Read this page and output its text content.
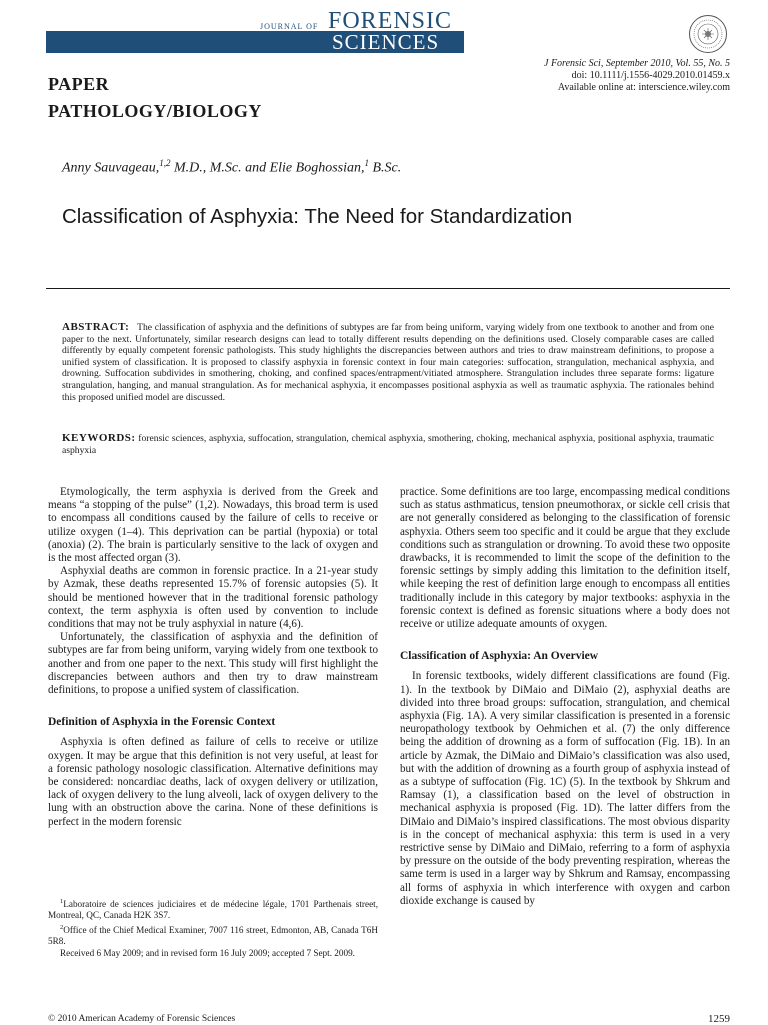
JOURNAL OF FORENSIC
SCIENCES
PAPER
PATHOLOGY/BIOLOGY
J Forensic Sci, September 2010, Vol. 55, No. 5
doi: 10.1111/j.1556-4029.2010.01459.x
Available online at: interscience.wiley.com
Anny Sauvageau,$^{1,2}$ M.D., M.Sc. and Elie Boghossian,$^1$ B.Sc.
Classification of Asphyxia: The Need for Standardization
ABSTRACT: The classification of asphyxia and the definitions of subtypes are far from being uniform, varying widely from one textbook to another and from one paper to the next. Unfortunately, similar research designs can lead to totally different results depending on the definitions used. Closely comparable cases are called differently by equally competent forensic pathologists. This study highlights the discrepancies between authors and tries to draw mainstream definitions, to propose a unified system of classification. It is proposed to classify asphyxia in forensic context in four main categories: suffocation, strangulation, mechanical asphyxia, and drowning. Suffocation subdivides in smothering, choking, and confined spaces/entrapment/vitiated atmosphere. Strangulation includes three separate forms: ligature strangulation, hanging, and manual strangulation. As for mechanical asphyxia, it encompasses positional asphyxia as well as traumatic asphyxia. The rationales behind this proposed unified model are discussed.
KEYWORDS: forensic sciences, asphyxia, suffocation, strangulation, chemical asphyxia, smothering, choking, mechanical asphyxia, positional asphyxia, traumatic asphyxia

Etymologically, the term asphyxia is derived from the Greek and means “a stopping of the pulse” (1,2). Nowadays, this broad term is used to encompass all conditions caused by the failure of cells to receive or utilize oxygen (1–4). This deprivation can be partial (hypoxia) or total (anoxia) (2). The brain is particularly sensitive to the lack of oxygen and is the most affected organ (3).

Asphyxial deaths are common in forensic practice. In a 21-year study by Azmak, these deaths represented 15.7% of forensic autopsies (5). It should be mentioned however that in the traditional forensic pathology context, the term asphyxia is often used by convention to include conditions that may not be truly asphyxial in nature (4,6).

Unfortunately, the classification of asphyxia and the definition of subtypes are far from being uniform, varying widely from one textbook to another and from one paper to the next. This study will first highlight the discrepancies between authors and then try to draw mainstream definitions, to propose a unified system of classification.

Definition of Asphyxia in the Forensic Context

Asphyxia is often defined as failure of cells to receive or utilize oxygen. It may be argue that this definition is not very useful, at least for a forensic pathology nosologic classification. Alternative definitions may be considered: noncardiac deaths, lack of oxygen delivery or utilization, lack of oxygen delivery to the lung alveoli, lack of oxygen delivery to the lung with an obstruction above the carina. None of these definitions is perfect in the modern forensic

$^1$Laboratoire de sciences judiciaires et de médecine légale, 1701 Parthenais street, Montreal, QC, Canada H2K 3S7.

$^2$Office of the Chief Medical Examiner, 7007 116 street, Edmonton, AB, Canada T6H 5R8.

Received 6 May 2009; and in revised form 16 July 2009; accepted 7 Sept. 2009.

practice. Some definitions are too large, encompassing medical conditions such as status asthmaticus, tension pneumothorax, or sickle cell crisis that are not generally considered as belonging to the classification of forensic asphyxia. Others seem too specific and it could be argue that they exclude conditions such as strangulation or drowning. To avoid these two opposite drawbacks, it is recommended to limit the scope of the definition to the forensic settings by simply adding this limitation to the definition itself, while keeping the rest of definition large enough to encompass all entities traditionally include in this category by major textbooks: asphyxia in the forensic context is defined as forensic situations where a body does not receive or utilize adequate amounts of oxygen.

Classification of Asphyxia: An Overview

In forensic textbooks, widely different classifications are found (Fig. 1). In the textbook by DiMaio and DiMaio (2), asphyxial deaths are divided into three broad groups: suffocation, strangulation, and chemical asphyxia (Fig. 1A). A very similar classification is presented in a forensic neuropathology textbook by Oehmichen et al. (7) the only difference being the addition of drowning as a form of suffocation (Fig. 1B). In an article by Azmak, the DiMaio and DiMaio’s classification was also used, but with the addition of drowning as a fourth group of asphyxia instead of as a subtype of suffocation (Fig. 1C) (5). In the textbook by Shkrum and Ramsay (1), a classification based on the level of obstruction in mechanical asphyxia is proposed (Fig. 1D). The latter differs from the DiMaio and DiMaio’s inspired classifications. The most obvious disparity is in the concept of mechanical asphyxia: this term is used in a very restrictive sense by DiMaio and DiMaio, referring to a form of asphyxia by pressure on the outside of the body preventing respiration, whereas the same term is used in a larger way by Shkrum and Ramsay, encompassing all forms of asphyxia in which interference with oxygen and carbon dioxide exchange is caused by

© 2010 American Academy of Forensic Sciences	1259
